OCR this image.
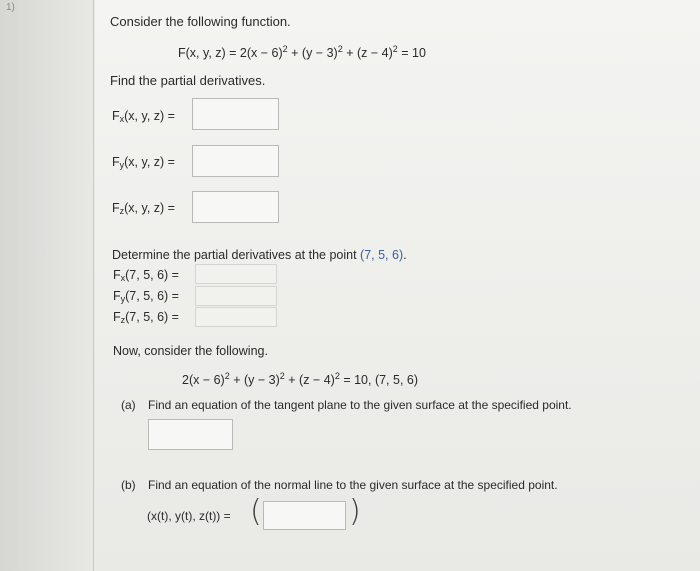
1)
Consider the following function.
F(x, y, $z) = 2(x - 6)^2 + (y - 3)^2 + (z - 4)^2 = 10$
Find the partial derivatives.
$F_x(x$, y, z) =
$F_y(x$, y, z) =
$F_z(x$, y, z) =
Determine the partial derivatives at the point (7, 5, 6).
$F_x(7$, 5, 6) =
$F_y(7$, 5, 6) =
$F_z(7$, 5, 6) =
Now, consider the following.
$2(x - 6)^2 + (y - 3)^2 + (z - 4)^2 = 10$, (7, 5, 6)
(a) Find an equation of the tangent plane to the given surface at the specified point.
(b) Find an equation of the normal line to the given surface at the specified point.
(x(t), y(t), z(t)) = (	)
